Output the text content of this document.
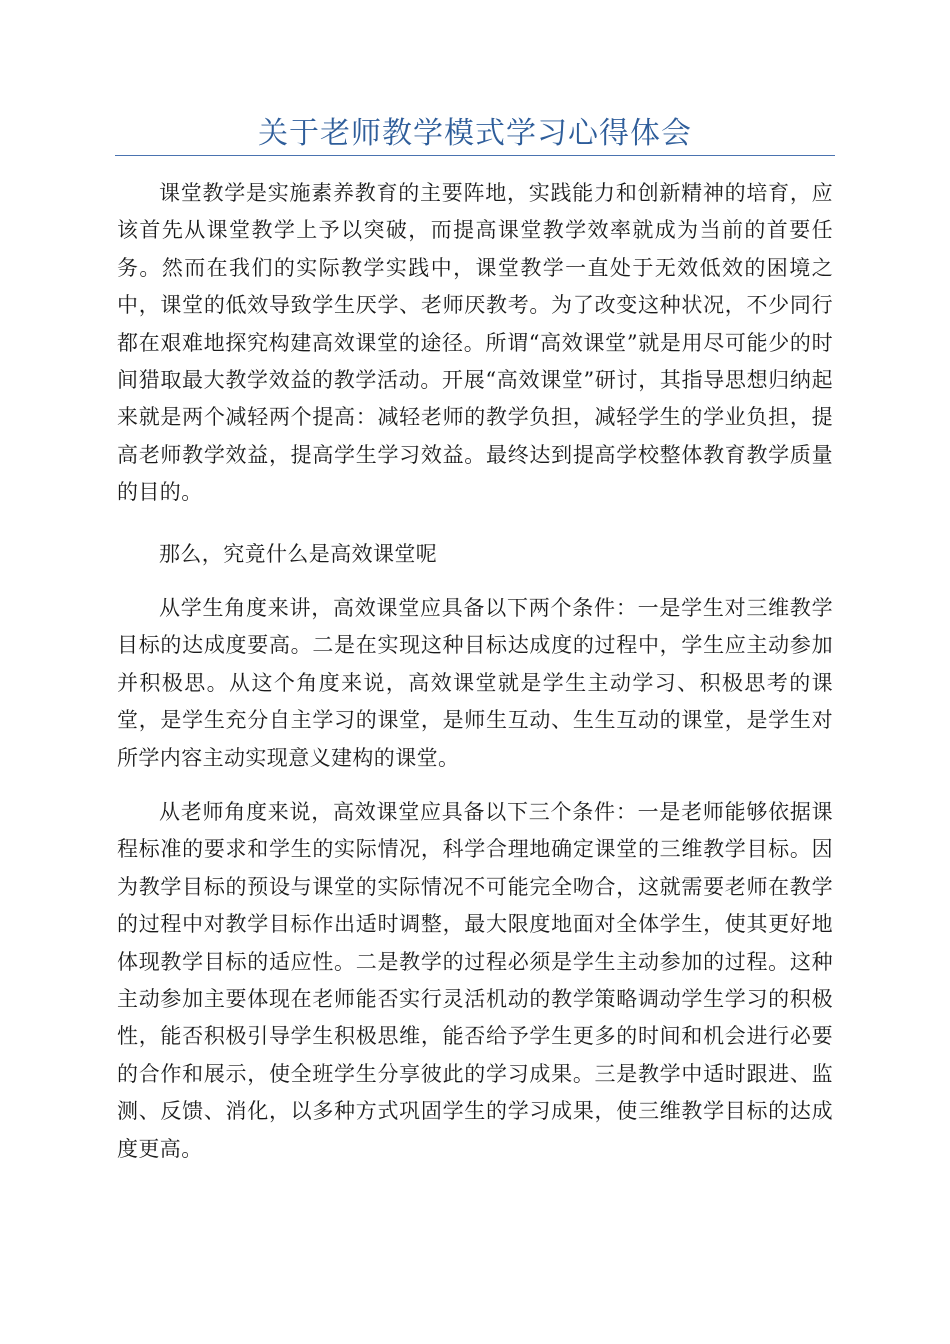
关于老师教学模式学习心得体会

课堂教学是实施素养教育的主要阵地，实践能力和创新精神的培育，应该首先从课堂教学上予以突破，而提高课堂教学效率就成为当前的首要任务。然而在我们的实际教学实践中，课堂教学一直处于无效低效的困境之中，课堂的低效导致学生厌学、老师厌教考。为了改变这种状况，不少同行都在艰难地探究构建高效课堂的途径。所谓“高效课堂”就是用尽可能少的时间猎取最大教学效益的教学活动。开展“高效课堂”研讨，其指导思想归纳起来就是两个减轻两个提高：减轻老师的教学负担，减轻学生的学业负担，提高老师教学效益，提高学生学习效益。最终达到提高学校整体教育教学质量的目的。

那么，究竟什么是高效课堂呢

从学生角度来讲，高效课堂应具备以下两个条件：一是学生对三维教学目标的达成度要高。二是在实现这种目标达成度的过程中，学生应主动参加并积极思。从这个角度来说，高效课堂就是学生主动学习、积极思考的课堂，是学生充分自主学习的课堂，是师生互动、生生互动的课堂，是学生对所学内容主动实现意义建构的课堂。

从老师角度来说，高效课堂应具备以下三个条件：一是老师能够依据课程标准的要求和学生的实际情况，科学合理地确定课堂的三维教学目标。因为教学目标的预设与课堂的实际情况不可能完全吻合，这就需要老师在教学的过程中对教学目标作出适时调整，最大限度地面对全体学生，使其更好地体现教学目标的适应性。二是教学的过程必须是学生主动参加的过程。这种主动参加主要体现在老师能否实行灵活机动的教学策略调动学生学习的积极性，能否积极引导学生积极思维，能否给予学生更多的时间和机会进行必要的合作和展示，使全班学生分享彼此的学习成果。三是教学中适时跟进、监测、反馈、消化，以多种方式巩固学生的学习成果，使三维教学目标的达成度更高。
